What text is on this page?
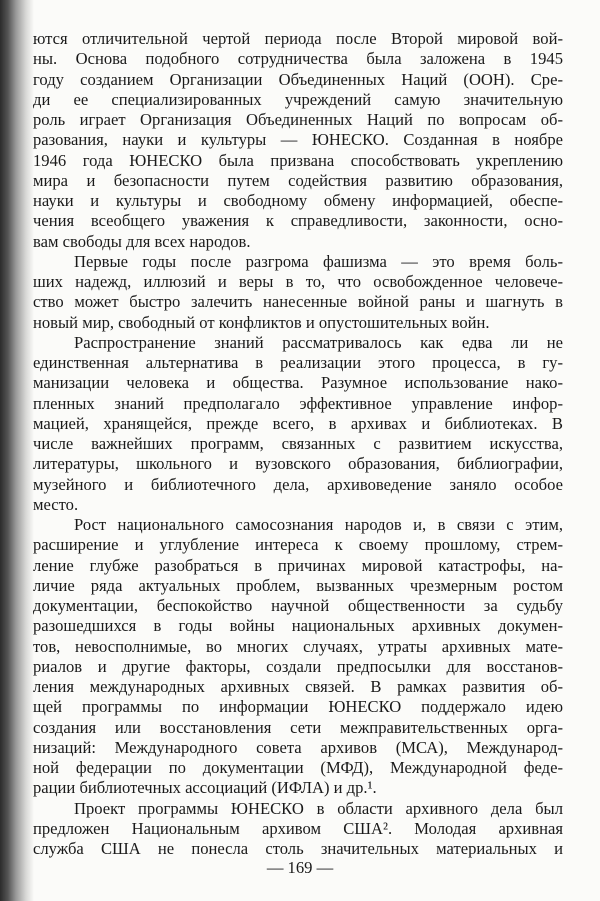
ются отличительной чертой периода после Второй мировой вой-
ны. Основа подобного сотрудничества была заложена в 1945
году созданием Организации Объединенных Наций (ООН). Сре-
ди ее специализированных учреждений самую значительную
роль играет Организация Объединенных Наций по вопросам об-
разования, науки и культуры — ЮНЕСКО. Созданная в ноябре
1946 года ЮНЕСКО была призвана способствовать укреплению
мира и безопасности путем содействия развитию образования,
науки и культуры и свободному обмену информацией, обеспе-
чения всеобщего уважения к справедливости, законности, осно-
вам свободы для всех народов.
Первые годы после разгрома фашизма — это время боль-
ших надежд, иллюзий и веры в то, что освобожденное человече-
ство может быстро залечить нанесенные войной раны и шагнуть в
новый мир, свободный от конфликтов и опустошительных войн.
Распространение знаний рассматривалось как едва ли не
единственная альтернатива в реализации этого процесса, в гу-
манизации человека и общества. Разумное использование нако-
пленных знаний предполагало эффективное управление инфор-
мацией, хранящейся, прежде всего, в архивах и библиотеках. В
числе важнейших программ, связанных с развитием искусства,
литературы, школьного и вузовского образования, библиографии,
музейного и библиотечного дела, архивоведение заняло особое
место.
Рост национального самосознания народов и, в связи с этим,
расширение и углубление интереса к своему прошлому, стрем-
ление глубже разобраться в причинах мировой катастрофы, на-
личие ряда актуальных проблем, вызванных чрезмерным ростом
документации, беспокойство научной общественности за судьбу
разошедшихся в годы войны национальных архивных докумен-
тов, невосполнимые, во многих случаях, утраты архивных мате-
риалов и другие факторы, создали предпосылки для восстанов-
ления международных архивных связей. В рамках развития об-
щей программы по информации ЮНЕСКО поддержало идею
создания или восстановления сети межправительственных орга-
низаций: Международного совета архивов (МСА), Международ-
ной федерации по документации (МФД), Международной феде-
рации библиотечных ассоциаций (ИФЛА) и др.¹.
Проект программы ЮНЕСКО в области архивного дела был
предложен Национальным архивом США². Молодая архивная
служба США не понесла столь значительных материальных и
— 169 —
